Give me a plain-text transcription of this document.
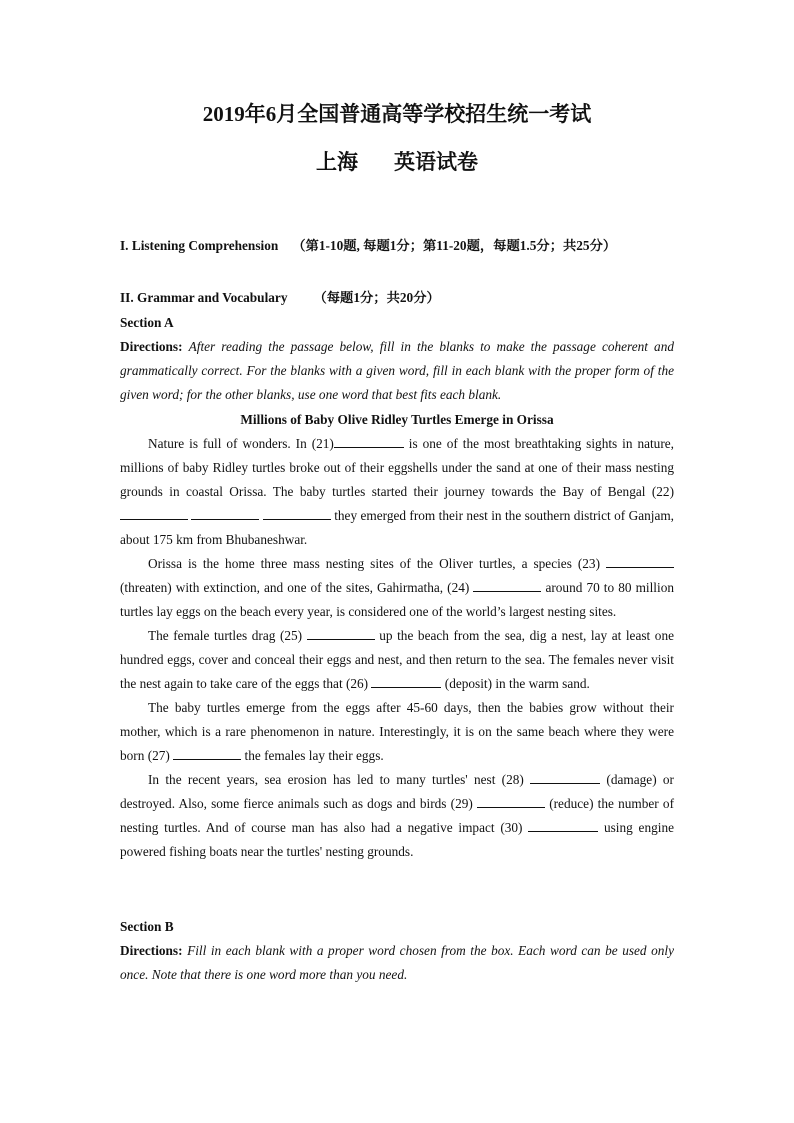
2019年6月全国普通高等学校招生统一考试
上海 英语试卷
I. Listening Comprehension （第1-10题, 每题1分；第11-20题，每题1.5分；共25分）
II. Grammar and Vocabulary （每题1分；共20分）
Section A
Directions: After reading the passage below, fill in the blanks to make the passage coherent and grammatically correct. For the blanks with a given word, fill in each blank with the proper form of the given word; for the other blanks, use one word that best fits each blank.
Millions of Baby Olive Ridley Turtles Emerge in Orissa

Nature is full of wonders. In (21)	is one of the most breathtaking sights in nature, millions of baby Ridley turtles broke out of their eggshells under the sand at one of their mass nesting grounds in coastal Orissa. The baby turtles started their journey towards the Bay of Bengal (22)    they emerged from their nest in the southern district of Ganjam, about 175 km from Bhubaneshwar.

Orissa is the home three mass nesting sites of the Oliver turtles, a species (23)  (threaten) with extinction, and one of the sites, Gahirmatha, (24)	around 70 to 80 million turtles lay eggs on the beach every year, is considered one of the world’s largest nesting sites.

The female turtles drag (25)	up the beach from the sea, dig a nest, lay at least one hundred eggs, cover and conceal their eggs and nest, and then return to the sea. The females never visit the nest again to take care of the eggs that (26)	(deposit) in the warm sand.

The baby turtles emerge from the eggs after 45-60 days, then the babies grow without their mother, which is a rare phenomenon in nature. Interestingly, it is on the same beach where they were born (27)	the females lay their eggs.

In the recent years, sea erosion has led to many turtles' nest (28)	(damage) or destroyed. Also, some fierce animals such as dogs and birds (29)	(reduce) the number of nesting turtles. And of course man has also had a negative impact (30)	using engine powered fishing boats near the turtles' nesting grounds.

Section B
Directions: Fill in each blank with a proper word chosen from the box. Each word can be used only once. Note that there is one word more than you need.
